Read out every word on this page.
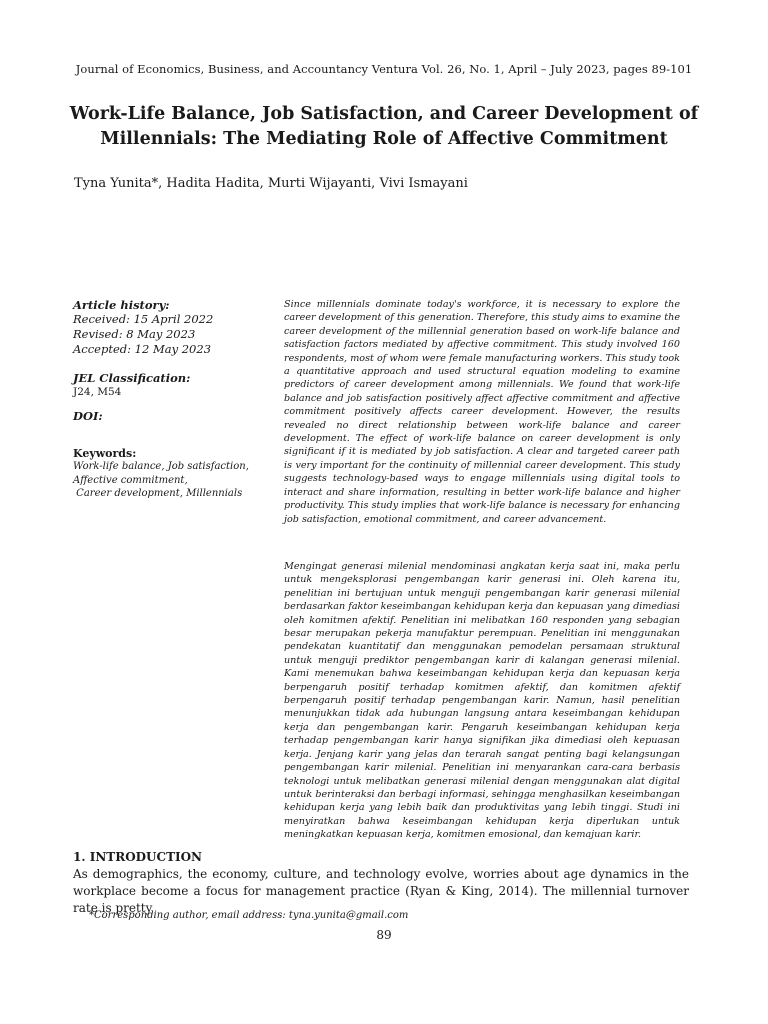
Journal of Economics, Business, and Accountancy Ventura Vol. 26, No. 1, April – July 2023, pages 89-101
Work-Life Balance, Job Satisfaction, and Career Development of Millennials: The Mediating Role of Affective Commitment
Tyna Yunita*, Hadita Hadita, Murti Wijayanti, Vivi Ismayani
Article history:
Received: 15 April 2022
Revised: 8 May 2023
Accepted: 12 May 2023
JEL Classification:
J24, M54
DOI:
Keywords:
Work-life balance, Job satisfaction,
Affective commitment,
Career development, Millennials

Since millennials dominate today's workforce, it is necessary to explore the career development of this generation. Therefore, this study aims to examine the career development of the millennial generation based on work-life balance and satisfaction factors mediated by affective commitment. This study involved 160 respondents, most of whom were female manufacturing workers. This study took a quantitative approach and used structural equation modeling to examine predictors of career development among millennials. We found that work-life balance and job satisfaction positively affect affective commitment and affective commitment positively affects career development. However, the results revealed no direct relationship between work-life balance and career development. The effect of work-life balance on career development is only significant if it is mediated by job satisfaction. A clear and targeted career path is very important for the continuity of millennial career development. This study suggests technology-based ways to engage millennials using digital tools to interact and share information, resulting in better work-life balance and higher productivity. This study implies that work-life balance is necessary for enhancing job satisfaction, emotional commitment, and career advancement.

Mengingat generasi milenial mendominasi angkatan kerja saat ini, maka perlu untuk mengeksplorasi pengembangan karir generasi ini. Oleh karena itu, penelitian ini bertujuan untuk menguji pengembangan karir generasi milenial berdasarkan faktor keseimbangan kehidupan kerja dan kepuasan yang dimediasi oleh komitmen afektif. Penelitian ini melibatkan 160 responden yang sebagian besar merupakan pekerja manufaktur perempuan. Penelitian ini menggunakan pendekatan kuantitatif dan menggunakan pemodelan persamaan struktural untuk menguji prediktor pengembangan karir di kalangan generasi milenial. Kami menemukan bahwa keseimbangan kehidupan kerja dan kepuasan kerja berpengaruh positif terhadap komitmen afektif, dan komitmen afektif berpengaruh positif terhadap pengembangan karir. Namun, hasil penelitian menunjukkan tidak ada hubungan langsung antara keseimbangan kehidupan kerja dan pengembangan karir. Pengaruh keseimbangan kehidupan kerja terhadap pengembangan karir hanya signifikan jika dimediasi oleh kepuasan kerja. Jenjang karir yang jelas dan terarah sangat penting bagi kelangsungan pengembangan karir milenial. Penelitian ini menyarankan cara-cara berbasis teknologi untuk melibatkan generasi milenial dengan menggunakan alat digital untuk berinteraksi dan berbagi informasi, sehingga menghasilkan keseimbangan kehidupan kerja yang lebih baik dan produktivitas yang lebih tinggi. Studi ini menyiratkan bahwa keseimbangan kehidupan kerja diperlukan untuk meningkatkan kepuasan kerja, komitmen emosional, dan kemajuan karir.

1. INTRODUCTION

As demographics, the economy, culture, and technology evolve, worries about age dynamics in the workplace become a focus for management practice (Ryan & King, 2014). The millennial turnover rate is pretty

*Corresponding author, email address: tyna.yunita@gmail.com
89
